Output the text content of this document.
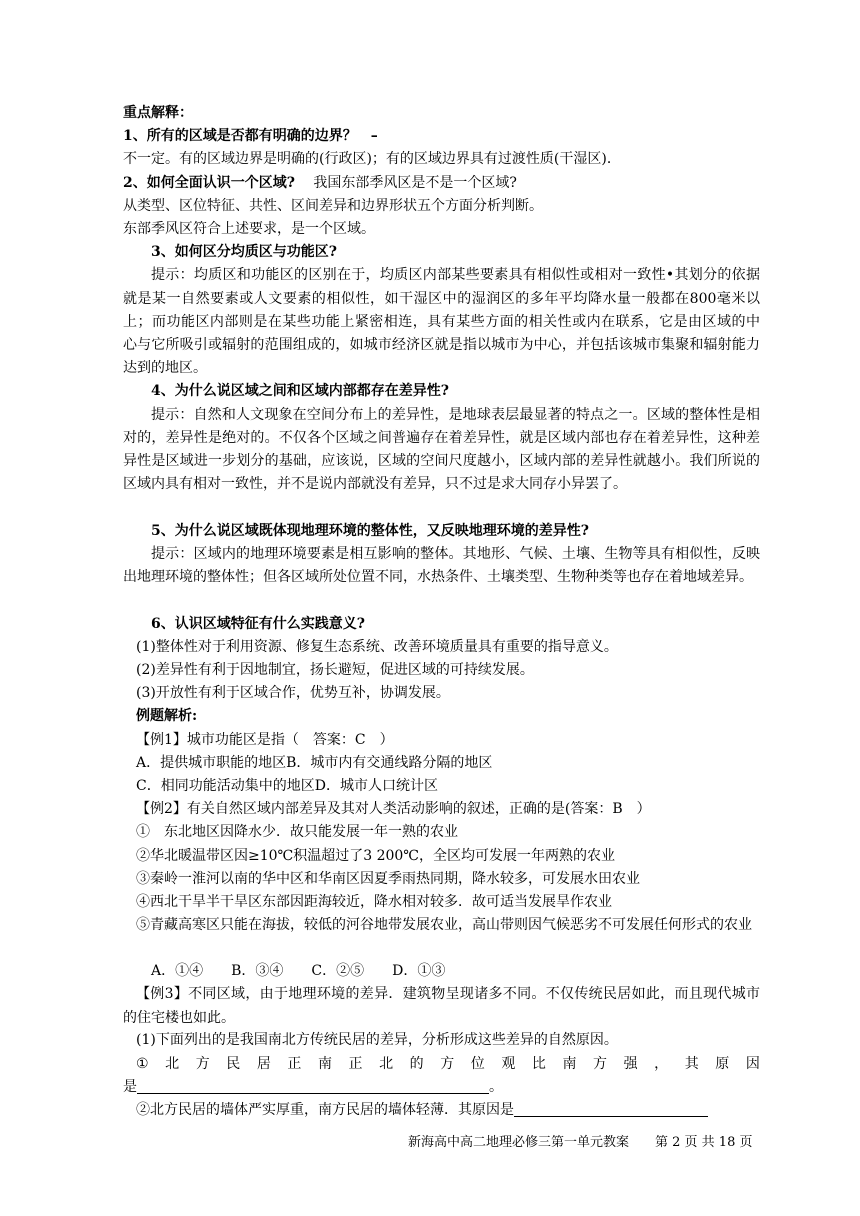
重点解释：
1、所有的区域是否都有明确的边界？　–
不一定。有的区域边界是明确的(行政区)；有的区域边界具有过渡性质(干湿区)．
2、如何全面认识一个区域?　 我国东部季风区是不是一个区域?
从类型、区位特征、共性、区间差异和边界形状五个方面分析判断。
东部季风区符合上述要求，是一个区域。
3、如何区分均质区与功能区?
提示：均质区和功能区的区别在于，均质区内部某些要素具有相似性或相对一致性•其划分的依据就是某一自然要素或人文要素的相似性，如干湿区中的湿润区的多年平均降水量一般都在800毫米以上；而功能区内部则是在某些功能上紧密相连，具有某些方面的相关性或内在联系，它是由区域的中　心与它所吸引或辐射的范围组成的，如城市经济区就是指以城市为中心，并包括该城市集聚和辐射能力达到的地区。
4、为什么说区域之间和区域内部都存在差异性?
提示：自然和人文现象在空间分布上的差异性，是地球表层最显著的特点之一。区域的整体性是相对的，差异性是绝对的。不仅各个区域之间普遍存在着差异性，就是区域内部也存在着差异性，这种差异性是区域进一步划分的基础，应该说，区域的空间尺度越小，区域内部的差异性就越小。我们所说的区域内具有相对一致性，并不是说内部就没有差异，只不过是求大同存小异罢了。
5、为什么说区域既体现地理环境的整体性，又反映地理环境的差异性?
提示：区域内的地理环境要素是相互影响的整体。其地形、气候、土壤、生物等具有相似性，反映出地理环境的整体性；但各区域所处位置不同，水热条件、土壤类型、生物种类等也存在着地域差异。
6、认识区域特征有什么实践意义?
(1)整体性对于利用资源、修复生态系统、改善环境质量具有重要的指导意义。
(2)差异性有利于因地制宜，扬长避短，促进区域的可持续发展。
(3)开放性有利于区域合作，优势互补，协调发展。
例题解析:
【例1】城市功能区是指（　答案：C　）
A．提供城市职能的地区B．城市内有交通线路分隔的地区
C．相同功能活动集中的地区D．城市人口统计区
【例2】有关自然区域内部差异及其对人类活动影响的叙述，正确的是(答案：B　）
①　东北地区因降水少．故只能发展一年一熟的农业
②华北暖温带区因≥10℃积温超过了3 200℃，全区均可发展一年两熟的农业
③秦岭一淮河以南的华中区和华南区因夏季雨热同期，降水较多，可发展水田农业
④西北干旱半干旱区东部因距海较近，降水相对较多．故可适当发展旱作农业
⑤青藏高寒区只能在海拔，较低的河谷地带发展农业，高山带则因气候恶劣不可发展任何形式的农业
A．①④　　 B．③④　　 C．②⑤　　 D．①③
【例3】不同区域，由于地理环境的差异．建筑物呈现诸多不同。不仅传统民居如此，而且现代城市的住宅楼也如此。
(1)下面列出的是我国南北方传统民居的差异，分析形成这些差异的自然原因。
① 北 方 民 居 正 南 正 北 的 方 位 观 比 南 方 强 ， 其 原 因
是	。
②北方民居的墙体严实厚重，南方民居的墙体轻薄．其原因是
新海高中高二地理必修三第一单元教案　　第 2 页 共 18 页
